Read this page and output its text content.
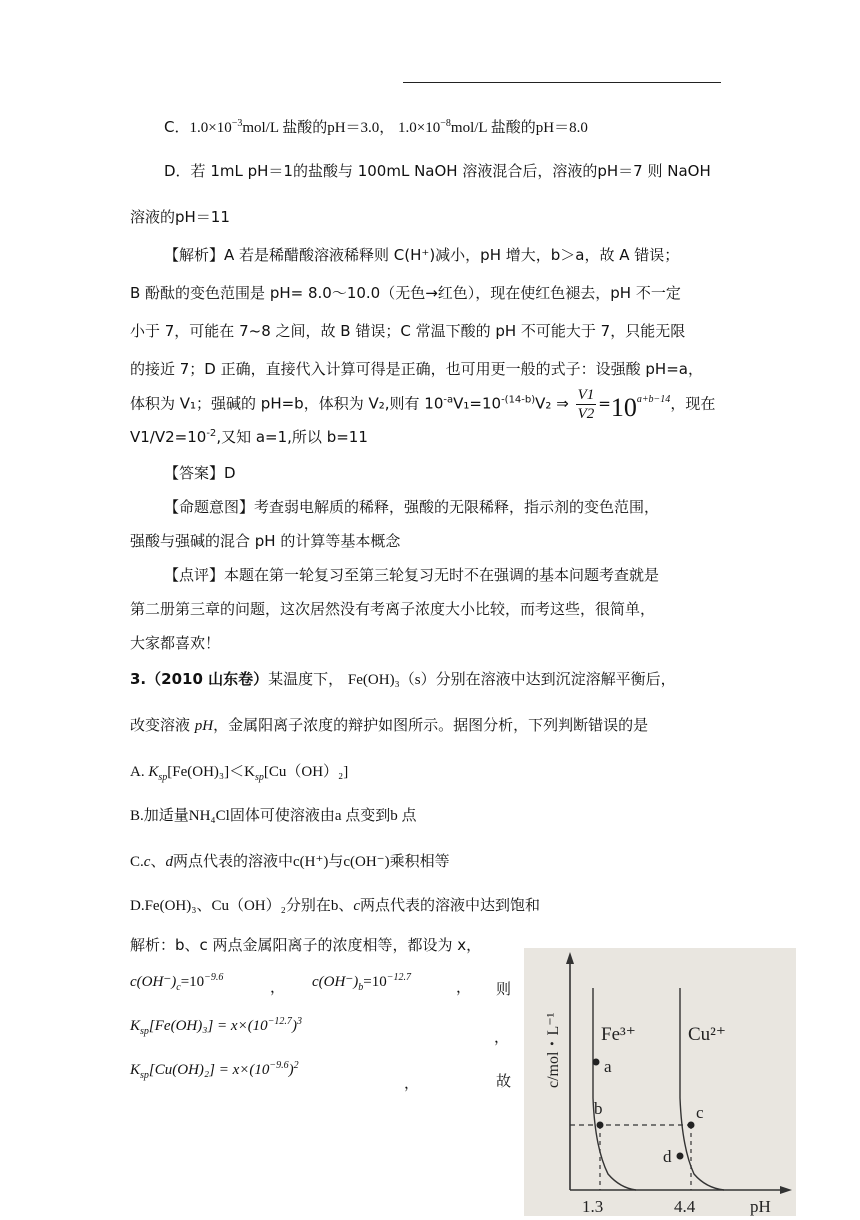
C．$1.0\times 10^{-3}mol/L$ 盐酸的pH＝3.0， $1.0\times 10^{-8}mol/L$ 盐酸的pH＝8.0
D．若 1mL pH＝1的盐酸与 100mL NaOH 溶液混合后，溶液的pH＝7 则 NaOH
溶液的pH＝11
【解析】A 若是稀醋酸溶液稀释则 C(H⁺)减小，pH 增大，b＞a，故 A 错误；
B 酚酞的变色范围是 pH= 8.0～10.0（无色→红色），现在使红色褪去，pH 不一定
小于 7，可能在 7~8 之间，故 B 错误；C 常温下酸的 pH 不可能大于 7，只能无限
的接近 7；D 正确，直接代入计算可得是正确，也可用更一般的式子：设强酸 pH=a，
体积为 V₁；强碱的 pH=b，体积为 V₂,则有 $10^{-a}V_1=10^{-(14-b)}V_2$ ⇒ $\frac{V1}{V2} =10^{a+b-14}$，现在
$V1/V2=10^{-2}$,又知 a=1,所以 b=11
【答案】D
【命题意图】考查弱电解质的稀释，强酸的无限稀释，指示剂的变色范围，
强酸与强碱的混合 pH 的计算等基本概念
【点评】本题在第一轮复习至第三轮复习无时不在强调的基本问题考查就是
第二册第三章的问题，这次居然没有考离子浓度大小比较，而考这些，很简单，
大家都喜欢！
3.（2010 山东卷）某温度下， Fe(OH)₃（s）分别在溶液中达到沉淀溶解平衡后，
改变溶液 pH，金属阳离子浓度的辩护如图所示。据图分析，下列判断错误的是
A. $K_{sp}[Fe(OH)_3]<K_{sp}[Cu(OH)_2]$
B.加适量NH₄Cl固体可使溶液由a 点变到b 点
C.c、d两点代表的溶液中c(H⁺)与c(OH⁻)乘积相等
D.Fe(OH)₃、Cu（OH）₂分别在b、c两点代表的溶液中达到饱和
解析：b、c 两点金属阳离子的浓度相等，都设为 x，
$c(OH^-)_c=10^{-9.6}$
， $c(OH^-)_b=10^{-12.7}$
， 则
$K_{sp}[Fe(OH)_3] = x\times(10^{-12.7})^3$
，
$K_{sp}[Cu(OH)_2] = x\times(10^{-9.6})^2$
，	故
a
b	c
d
Fe³⁺	Cu²⁺
1.3	4.4	pH
c/mol・L⁻¹
